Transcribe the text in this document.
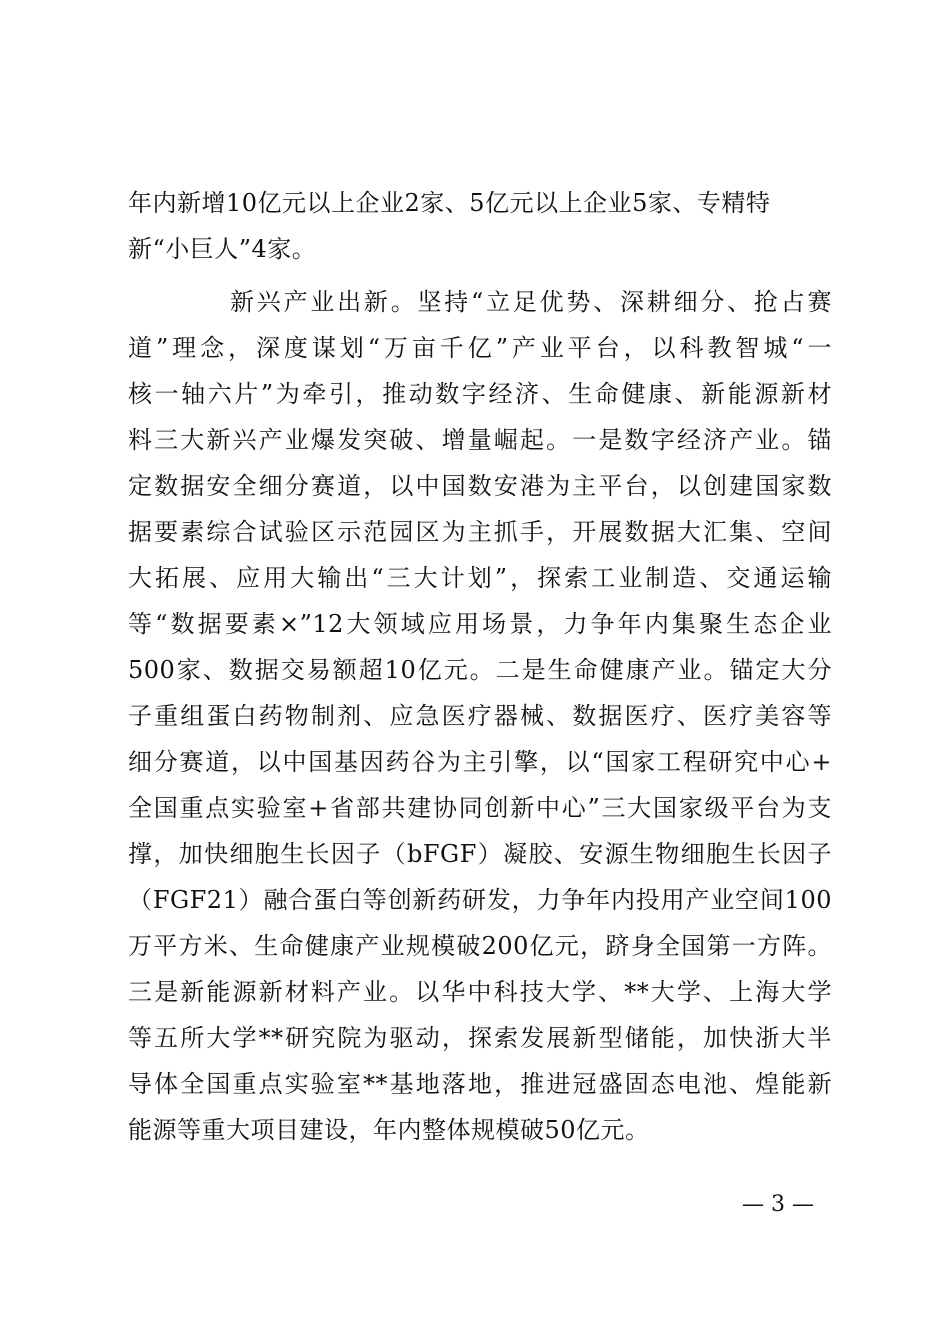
年内新增10亿元以上企业2家、5亿元以上企业5家、专精特
新“小巨人”4家。
新兴产业出新。坚持“立足优势、深耕细分、抢占赛
道”理念，深度谋划“万亩千亿”产业平台，以科教智城“一
核一轴六片”为牵引，推动数字经济、生命健康、新能源新材
料三大新兴产业爆发突破、增量崛起。一是数字经济产业。锚
定数据安全细分赛道，以中国数安港为主平台，以创建国家数
据要素综合试验区示范园区为主抓手，开展数据大汇集、空间
大拓展、应用大输出“三大计划”，探索工业制造、交通运输
等“数据要素×”12大领域应用场景，力争年内集聚生态企业
500家、数据交易额超10亿元。二是生命健康产业。锚定大分
子重组蛋白药物制剂、应急医疗器械、数据医疗、医疗美容等
细分赛道，以中国基因药谷为主引擎，以“国家工程研究中心+
全国重点实验室+省部共建协同创新中心”三大国家级平台为支
撑，加快细胞生长因子（bFGF）凝胶、安源生物细胞生长因子
（FGF21）融合蛋白等创新药研发，力争年内投用产业空间100
万平方米、生命健康产业规模破200亿元，跻身全国第一方阵。
三是新能源新材料产业。以华中科技大学、**大学、上海大学
等五所大学**研究院为驱动，探索发展新型储能，加快浙大半
导体全国重点实验室**基地落地，推进冠盛固态电池、煌能新
能源等重大项目建设，年内整体规模破50亿元。
— 3 —
